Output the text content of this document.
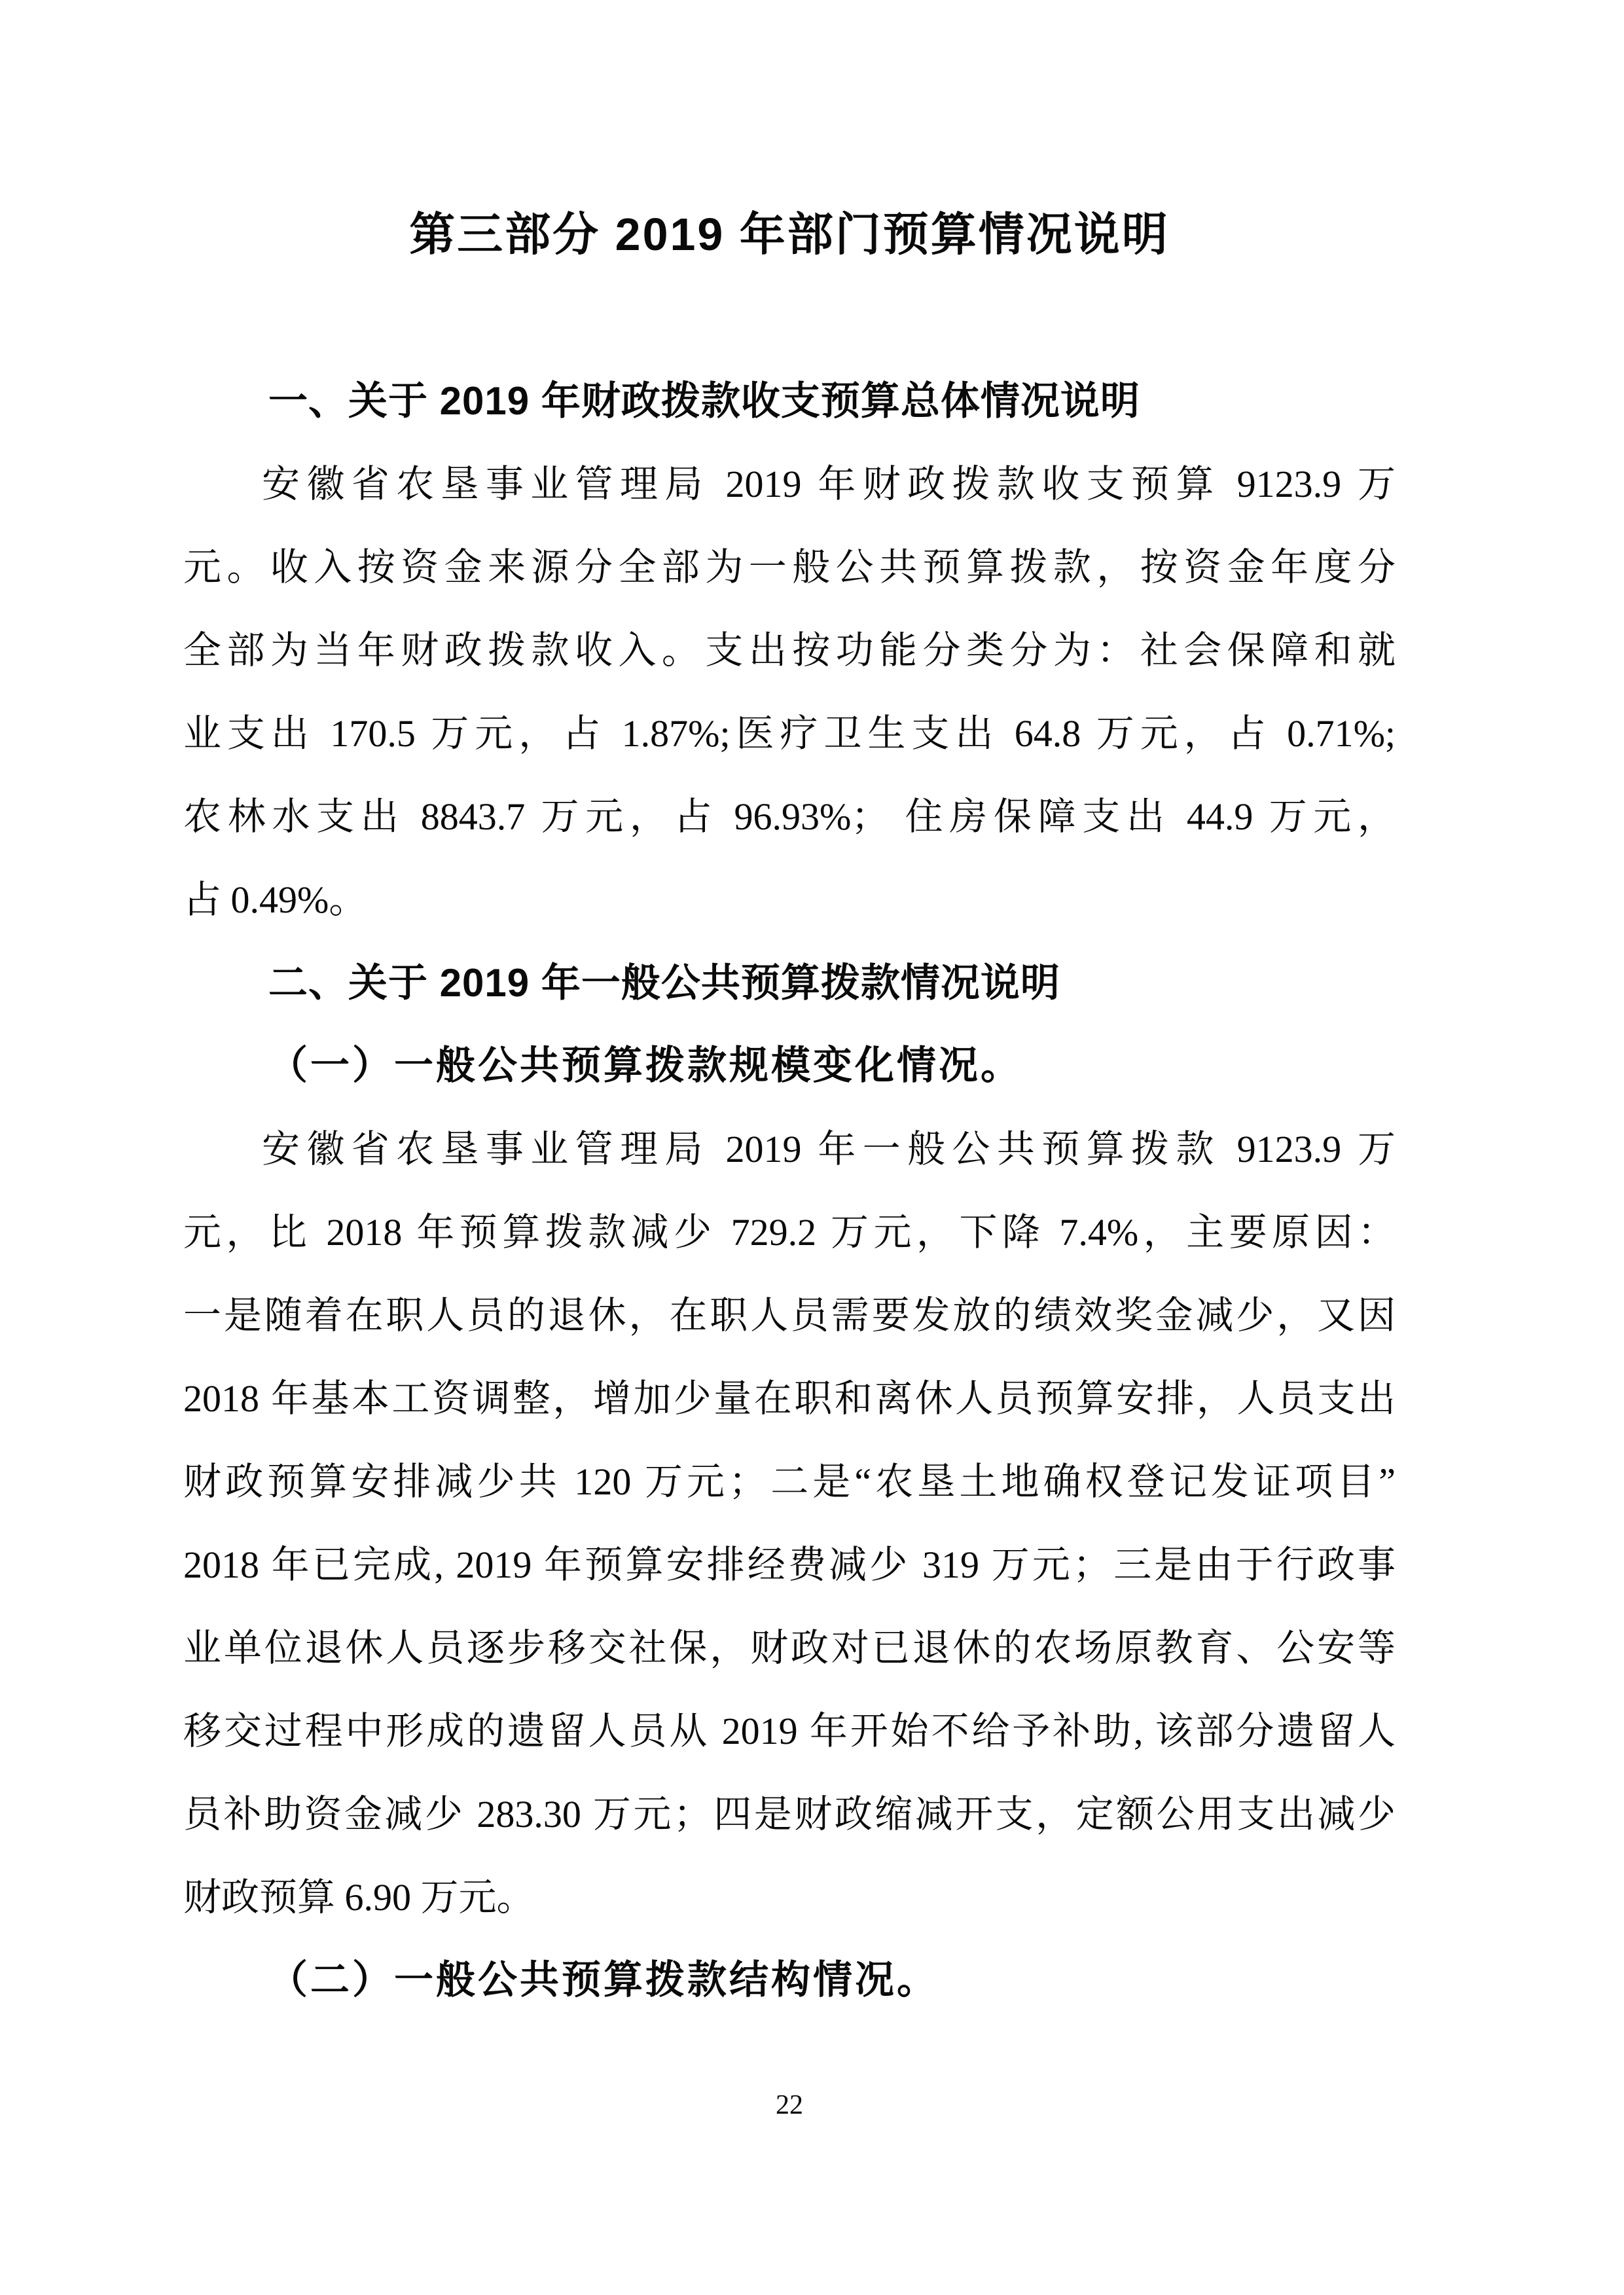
第三部分 2019 年部门预算情况说明
一、关于 2019 年财政拨款收支预算总体情况说明
安徽省农垦事业管理局 2019 年财政拨款收支预算 9123.9 万
元。收入按资金来源分全部为一般公共预算拨款，按资金年度分
全部为当年财政拨款收入。支出按功能分类分为：社会保障和就
业支出 170.5 万元，占 1.87%;医疗卫生支出 64.8 万元，占 0.71%;
农林水支出 8843.7 万元，占 96.93%； 住房保障支出 44.9 万元，
占 0.49%。
二、关于 2019 年一般公共预算拨款情况说明
（一）一般公共预算拨款规模变化情况。
安徽省农垦事业管理局 2019 年一般公共预算拨款 9123.9 万
元，比 2018 年预算拨款减少 729.2 万元，下降 7.4%，主要原因：
一是随着在职人员的退休，在职人员需要发放的绩效奖金减少，又因
2018 年基本工资调整，增加少量在职和离休人员预算安排，人员支出
财政预算安排减少共 120 万元；二是“农垦土地确权登记发证项目”
2018 年已完成, 2019 年预算安排经费减少 319 万元；三是由于行政事
业单位退休人员逐步移交社保，财政对已退休的农场原教育、公安等
移交过程中形成的遗留人员从 2019 年开始不给予补助, 该部分遗留人
员补助资金减少 283.30 万元；四是财政缩减开支，定额公用支出减少
财政预算 6.90 万元。
（二）一般公共预算拨款结构情况。
22
